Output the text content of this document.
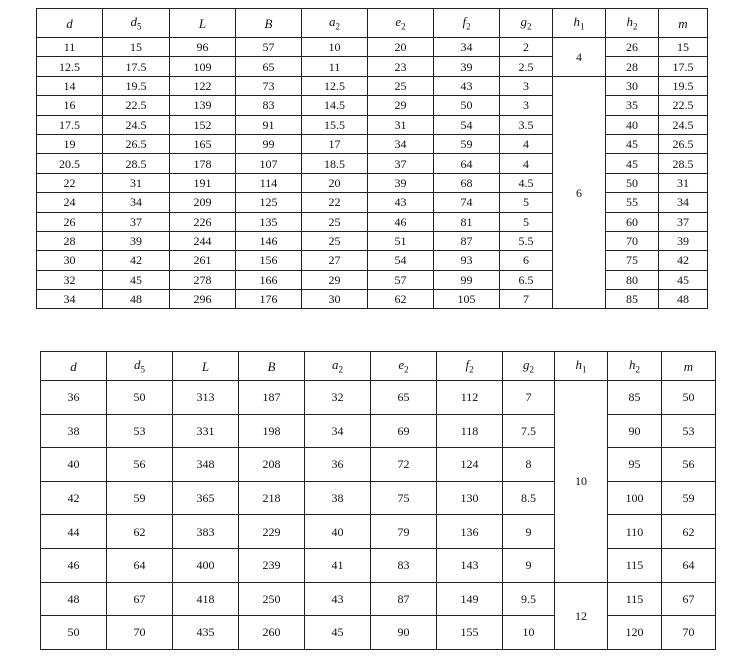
d	$d_5$	L	B	$a_2$	$e_2$	$f_2$	$g_2$	$h_1$	$h_2$	m
11	15	96	57	10	20	34	2	4	26	15
12.5	17.5	109	65	11	23	39	2.5		28	17.5
14	19.5	122	73	12.5	25	43	3	6	30	19.5
16	22.5	139	83	14.5	29	50	3		35	22.5
17.5	24.5	152	91	15.5	31	54	3.5		40	24.5
19	26.5	165	99	17	34	59	4		45	26.5
20.5	28.5	178	107	18.5	37	64	4		45	28.5
22	31	191	114	20	39	68	4.5		50	31
24	34	209	125	22	43	74	5		55	34
26	37	226	135	25	46	81	5		60	37
28	39	244	146	25	51	87	5.5		70	39
30	42	261	156	27	54	93	6		75	42
32	45	278	166	29	57	99	6.5		80	45
34	48	296	176	30	62	105	7		85	48
d	$d_5$	L	B	$a_2$	$e_2$	$f_2$	$g_2$	$h_1$	$h_2$	m
36	50	313	187	32	65	112	7	10	85	50
38	53	331	198	34	69	118	7.5		90	53
40	56	348	208	36	72	124	8		95	56
42	59	365	218	38	75	130	8.5		100	59
44	62	383	229	40	79	136	9		110	62
46	64	400	239	41	83	143	9		115	64
48	67	418	250	43	87	149	9.5	12	115	67
50	70	435	260	45	90	155	10		120	70
